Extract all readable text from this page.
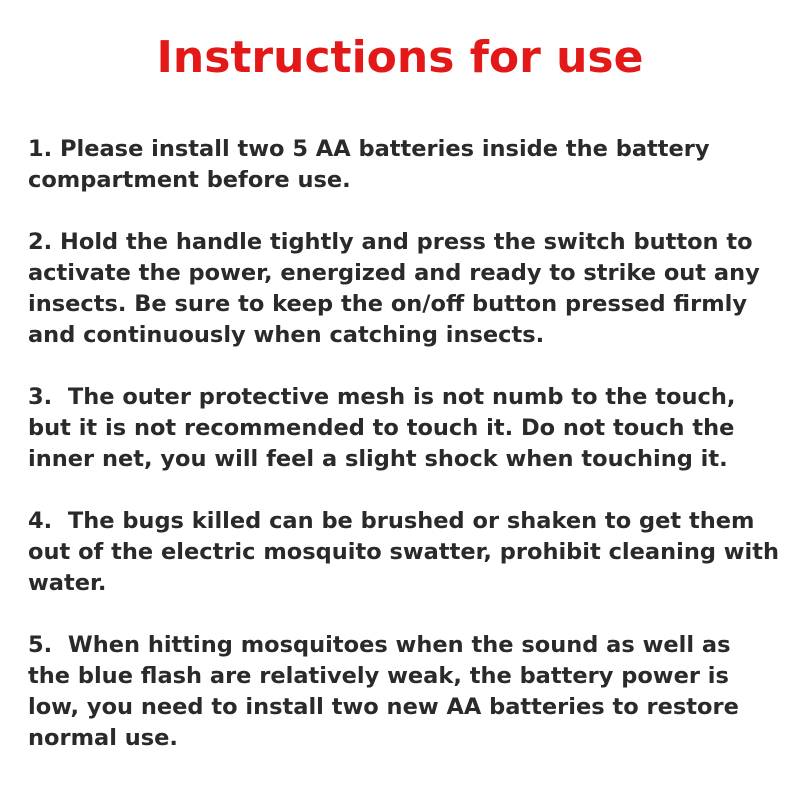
Instructions for use
1. Please install two 5 AA batteries inside the battery compartment before use.
2. Hold the handle tightly and press the switch button to activate the power, energized and ready to strike out any insects. Be sure to keep the on/off button pressed firmly and continuously when catching insects.
3.  The outer protective mesh is not numb to the touch, but it is not recommended to touch it. Do not touch the inner net, you will feel a slight shock when touching it.
4.  The bugs killed can be brushed or shaken to get them out of the electric mosquito swatter, prohibit cleaning with water.
5.  When hitting mosquitoes when the sound as well as the blue flash are relatively weak, the battery power is low, you need to install two new AA batteries to restore normal use.
